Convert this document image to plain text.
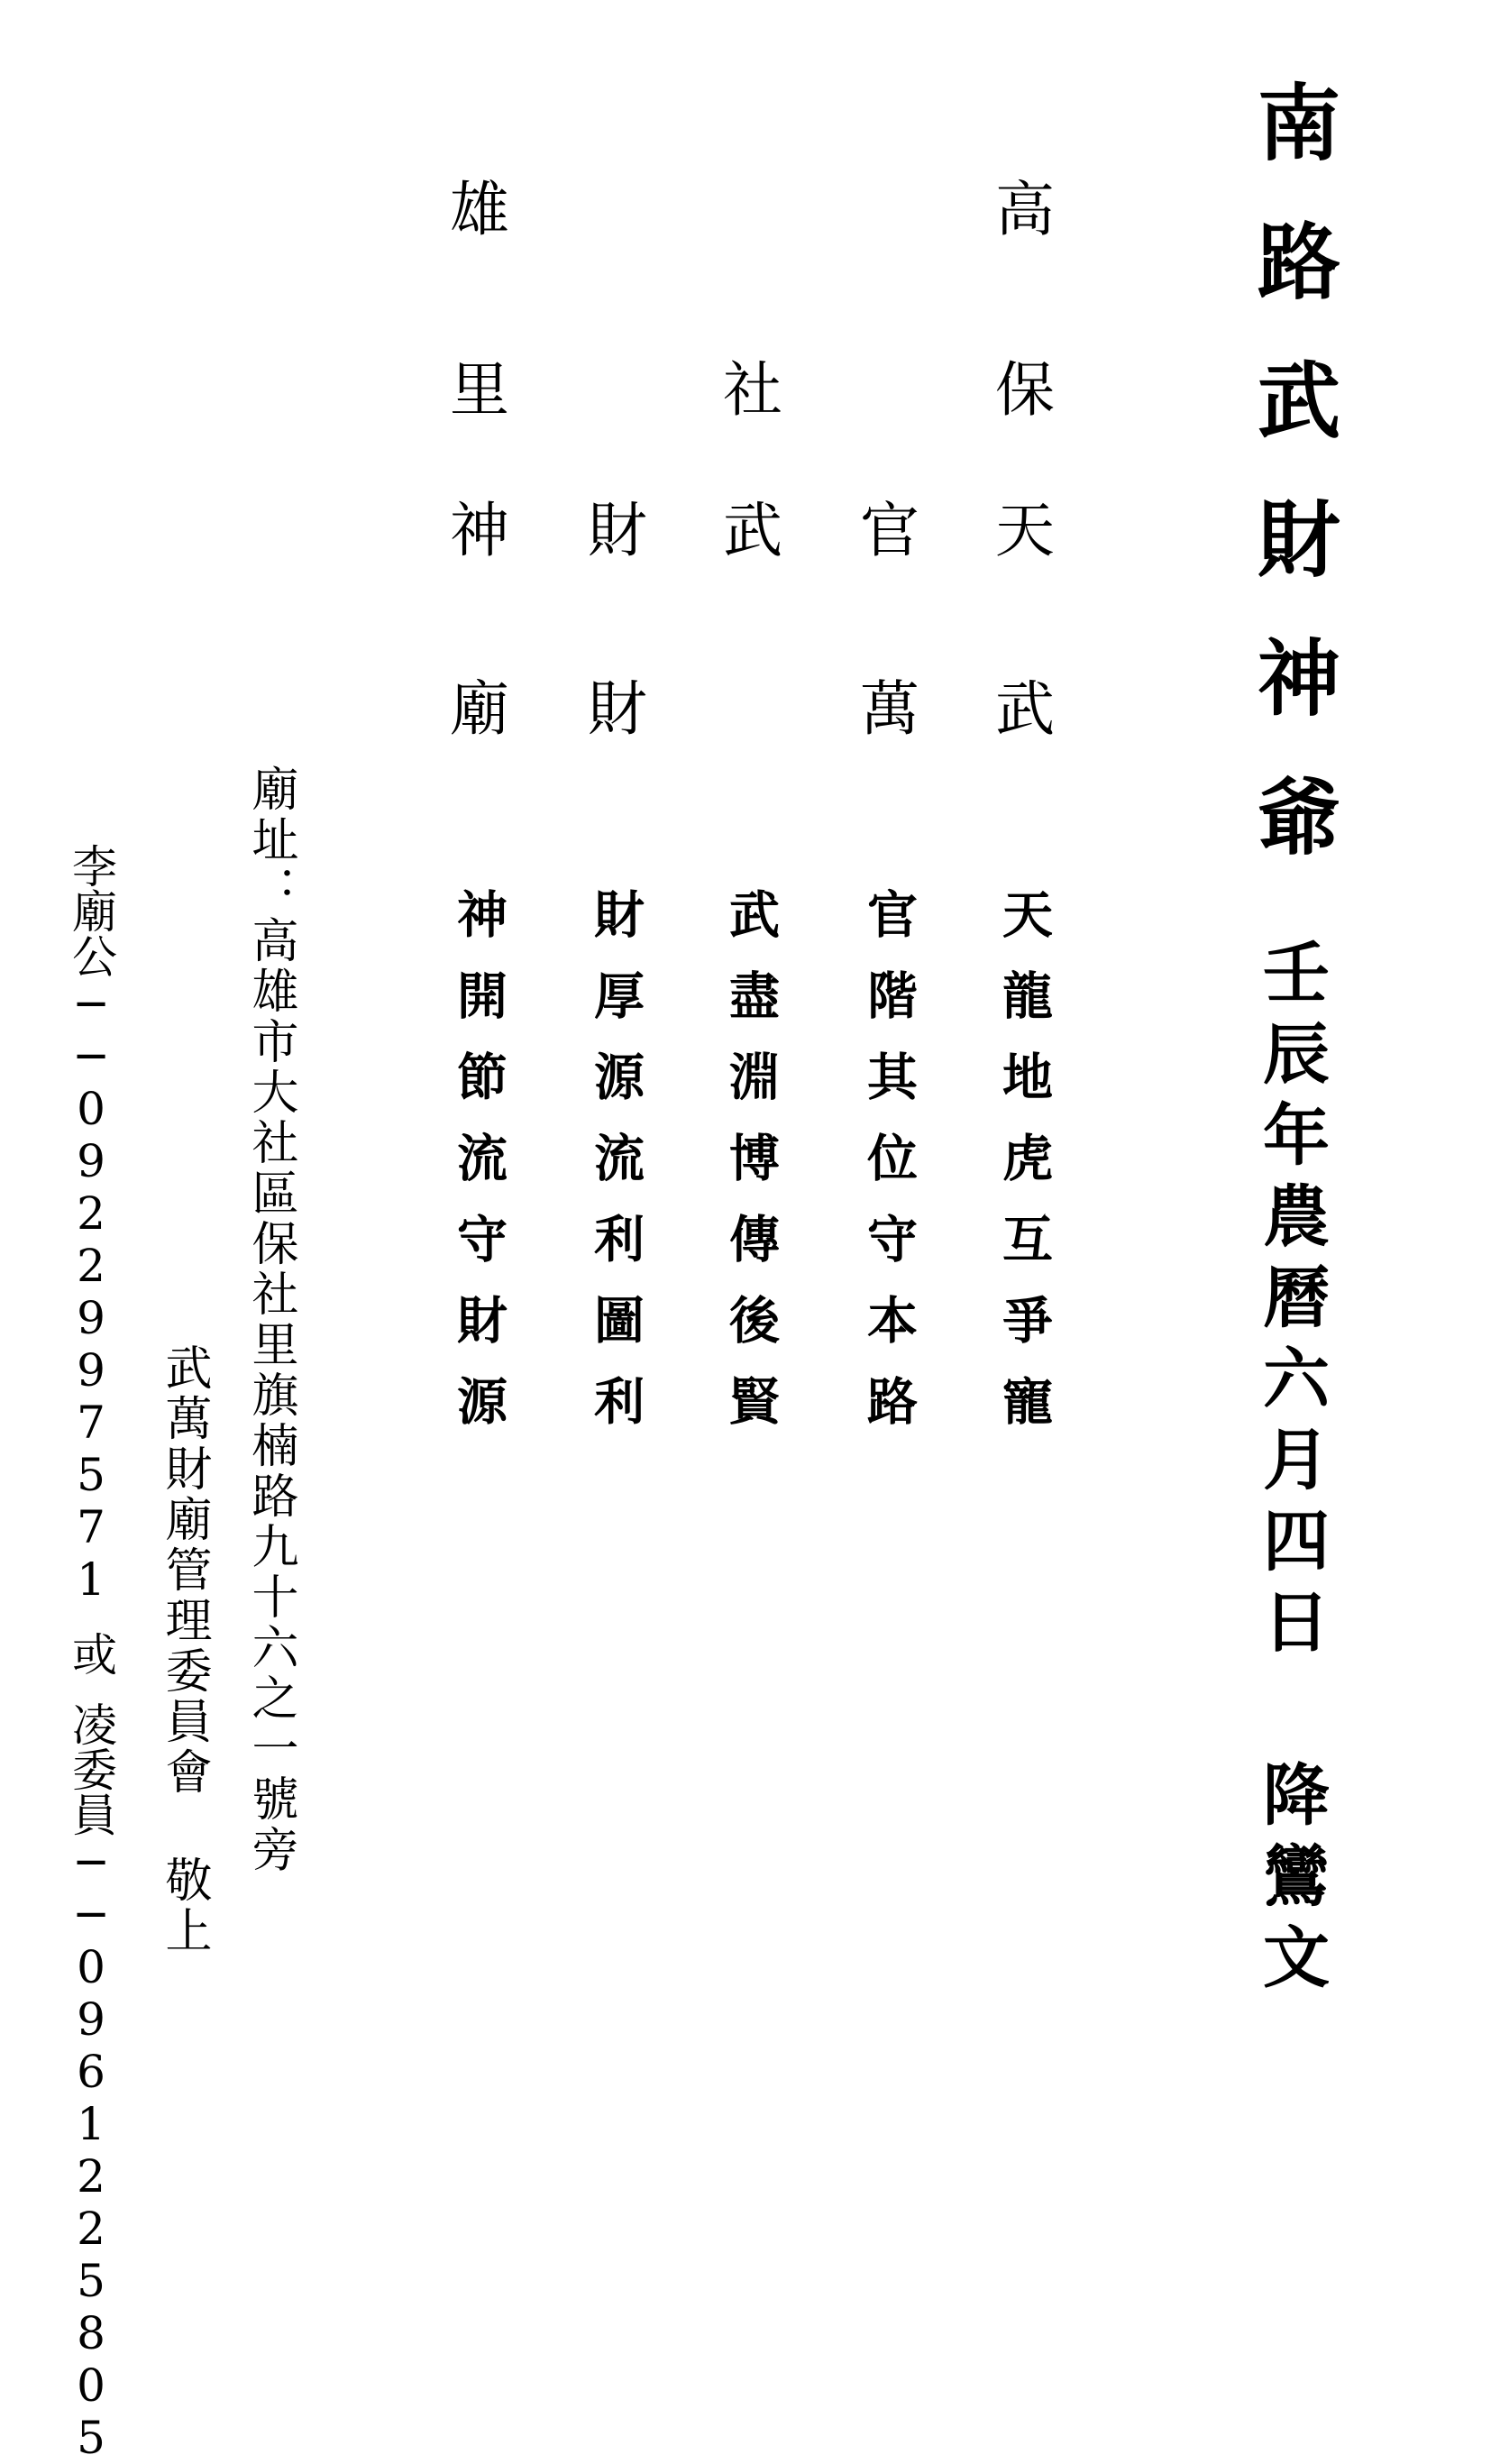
南路武財神爺
壬辰年農曆六月四日 降鸞文
高
保
天
武
官
萬
社
武
財
財
雄
里
神
廟
天龍地虎互爭寵
官階其位守本路
武盡淵博傳後賢
財厚源流利圖利
神開節流守財源
廟址：高雄市大社區保社里旗楠路九十六之一號旁
武萬財廟管理委員會 敬上
李廟公──0922997571或凌委員──0961225805
